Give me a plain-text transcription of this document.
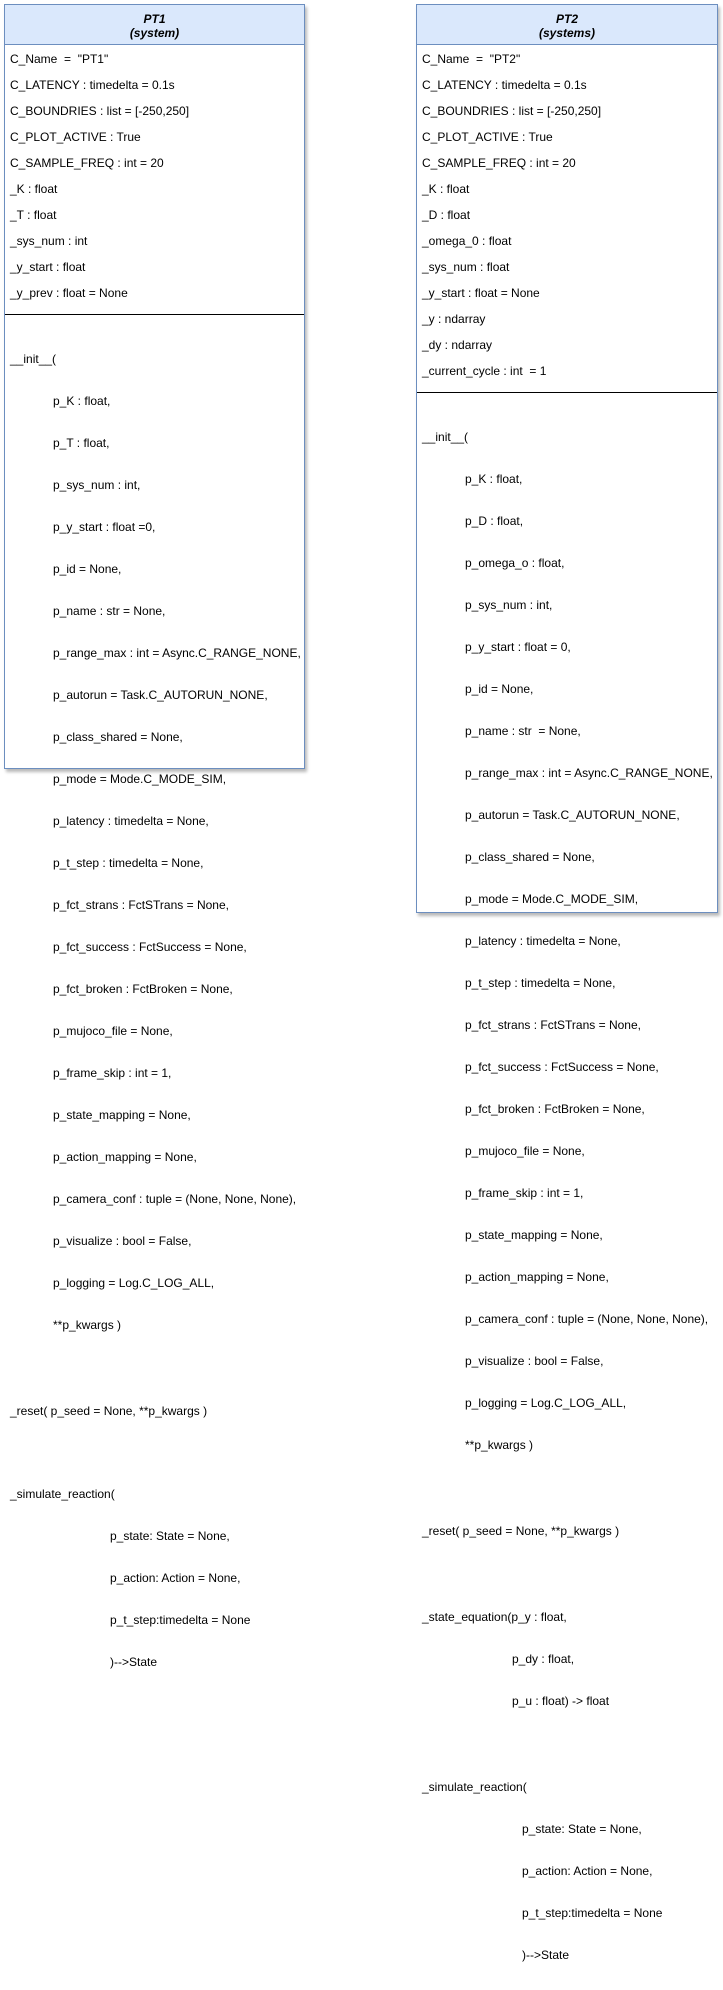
PT1
(system)
C_Name  =  "PT1"
C_LATENCY : timedelta = 0.1s
C_BOUNDRIES : list = [-250,250]
C_PLOT_ACTIVE : True
C_SAMPLE_FREQ : int = 20
_K : float
_T : float
_sys_num : int
_y_start : float
_y_prev : float = None

__init__(

p_K : float,

p_T : float,

p_sys_num : int,

p_y_start : float =0,

p_id = None,

p_name : str = None,

p_range_max : int = Async.C_RANGE_NONE,

p_autorun = Task.C_AUTORUN_NONE,

p_class_shared = None,

p_mode = Mode.C_MODE_SIM,

p_latency : timedelta = None,

p_t_step : timedelta = None,

p_fct_strans : FctSTrans = None,

p_fct_success : FctSuccess = None,

p_fct_broken : FctBroken = None,

p_mujoco_file = None,

p_frame_skip : int = 1,

p_state_mapping = None,

p_action_mapping = None,

p_camera_conf : tuple = (None, None, None),

p_visualize : bool = False,

p_logging = Log.C_LOG_ALL,

**p_kwargs )

_reset( p_seed = None, **p_kwargs )

_simulate_reaction(

p_state: State = None,

p_action: Action = None,

p_t_step:timedelta = None

)-->State

PT2
(systems)
C_Name  =  "PT2"
C_LATENCY : timedelta = 0.1s
C_BOUNDRIES : list = [-250,250]
C_PLOT_ACTIVE : True
C_SAMPLE_FREQ : int = 20
_K : float
_D : float
_omega_0 : float
_sys_num : float
_y_start : float = None
_y : ndarray
_dy : ndarray
_current_cycle : int  = 1

__init__(

p_K : float,

p_D : float,

p_omega_o : float,

p_sys_num : int,

p_y_start : float = 0,

p_id = None,

p_name : str  = None,

p_range_max : int = Async.C_RANGE_NONE,

p_autorun = Task.C_AUTORUN_NONE,

p_class_shared = None,

p_mode = Mode.C_MODE_SIM,

p_latency : timedelta = None,

p_t_step : timedelta = None,

p_fct_strans : FctSTrans = None,

p_fct_success : FctSuccess = None,

p_fct_broken : FctBroken = None,

p_mujoco_file = None,

p_frame_skip : int = 1,

p_state_mapping = None,

p_action_mapping = None,

p_camera_conf : tuple = (None, None, None),

p_visualize : bool = False,

p_logging = Log.C_LOG_ALL,

**p_kwargs )

_reset( p_seed = None, **p_kwargs )

_state_equation(p_y : float,

p_dy : float,

p_u : float) -> float

_simulate_reaction(

p_state: State = None,

p_action: Action = None,

p_t_step:timedelta = None

)-->State
